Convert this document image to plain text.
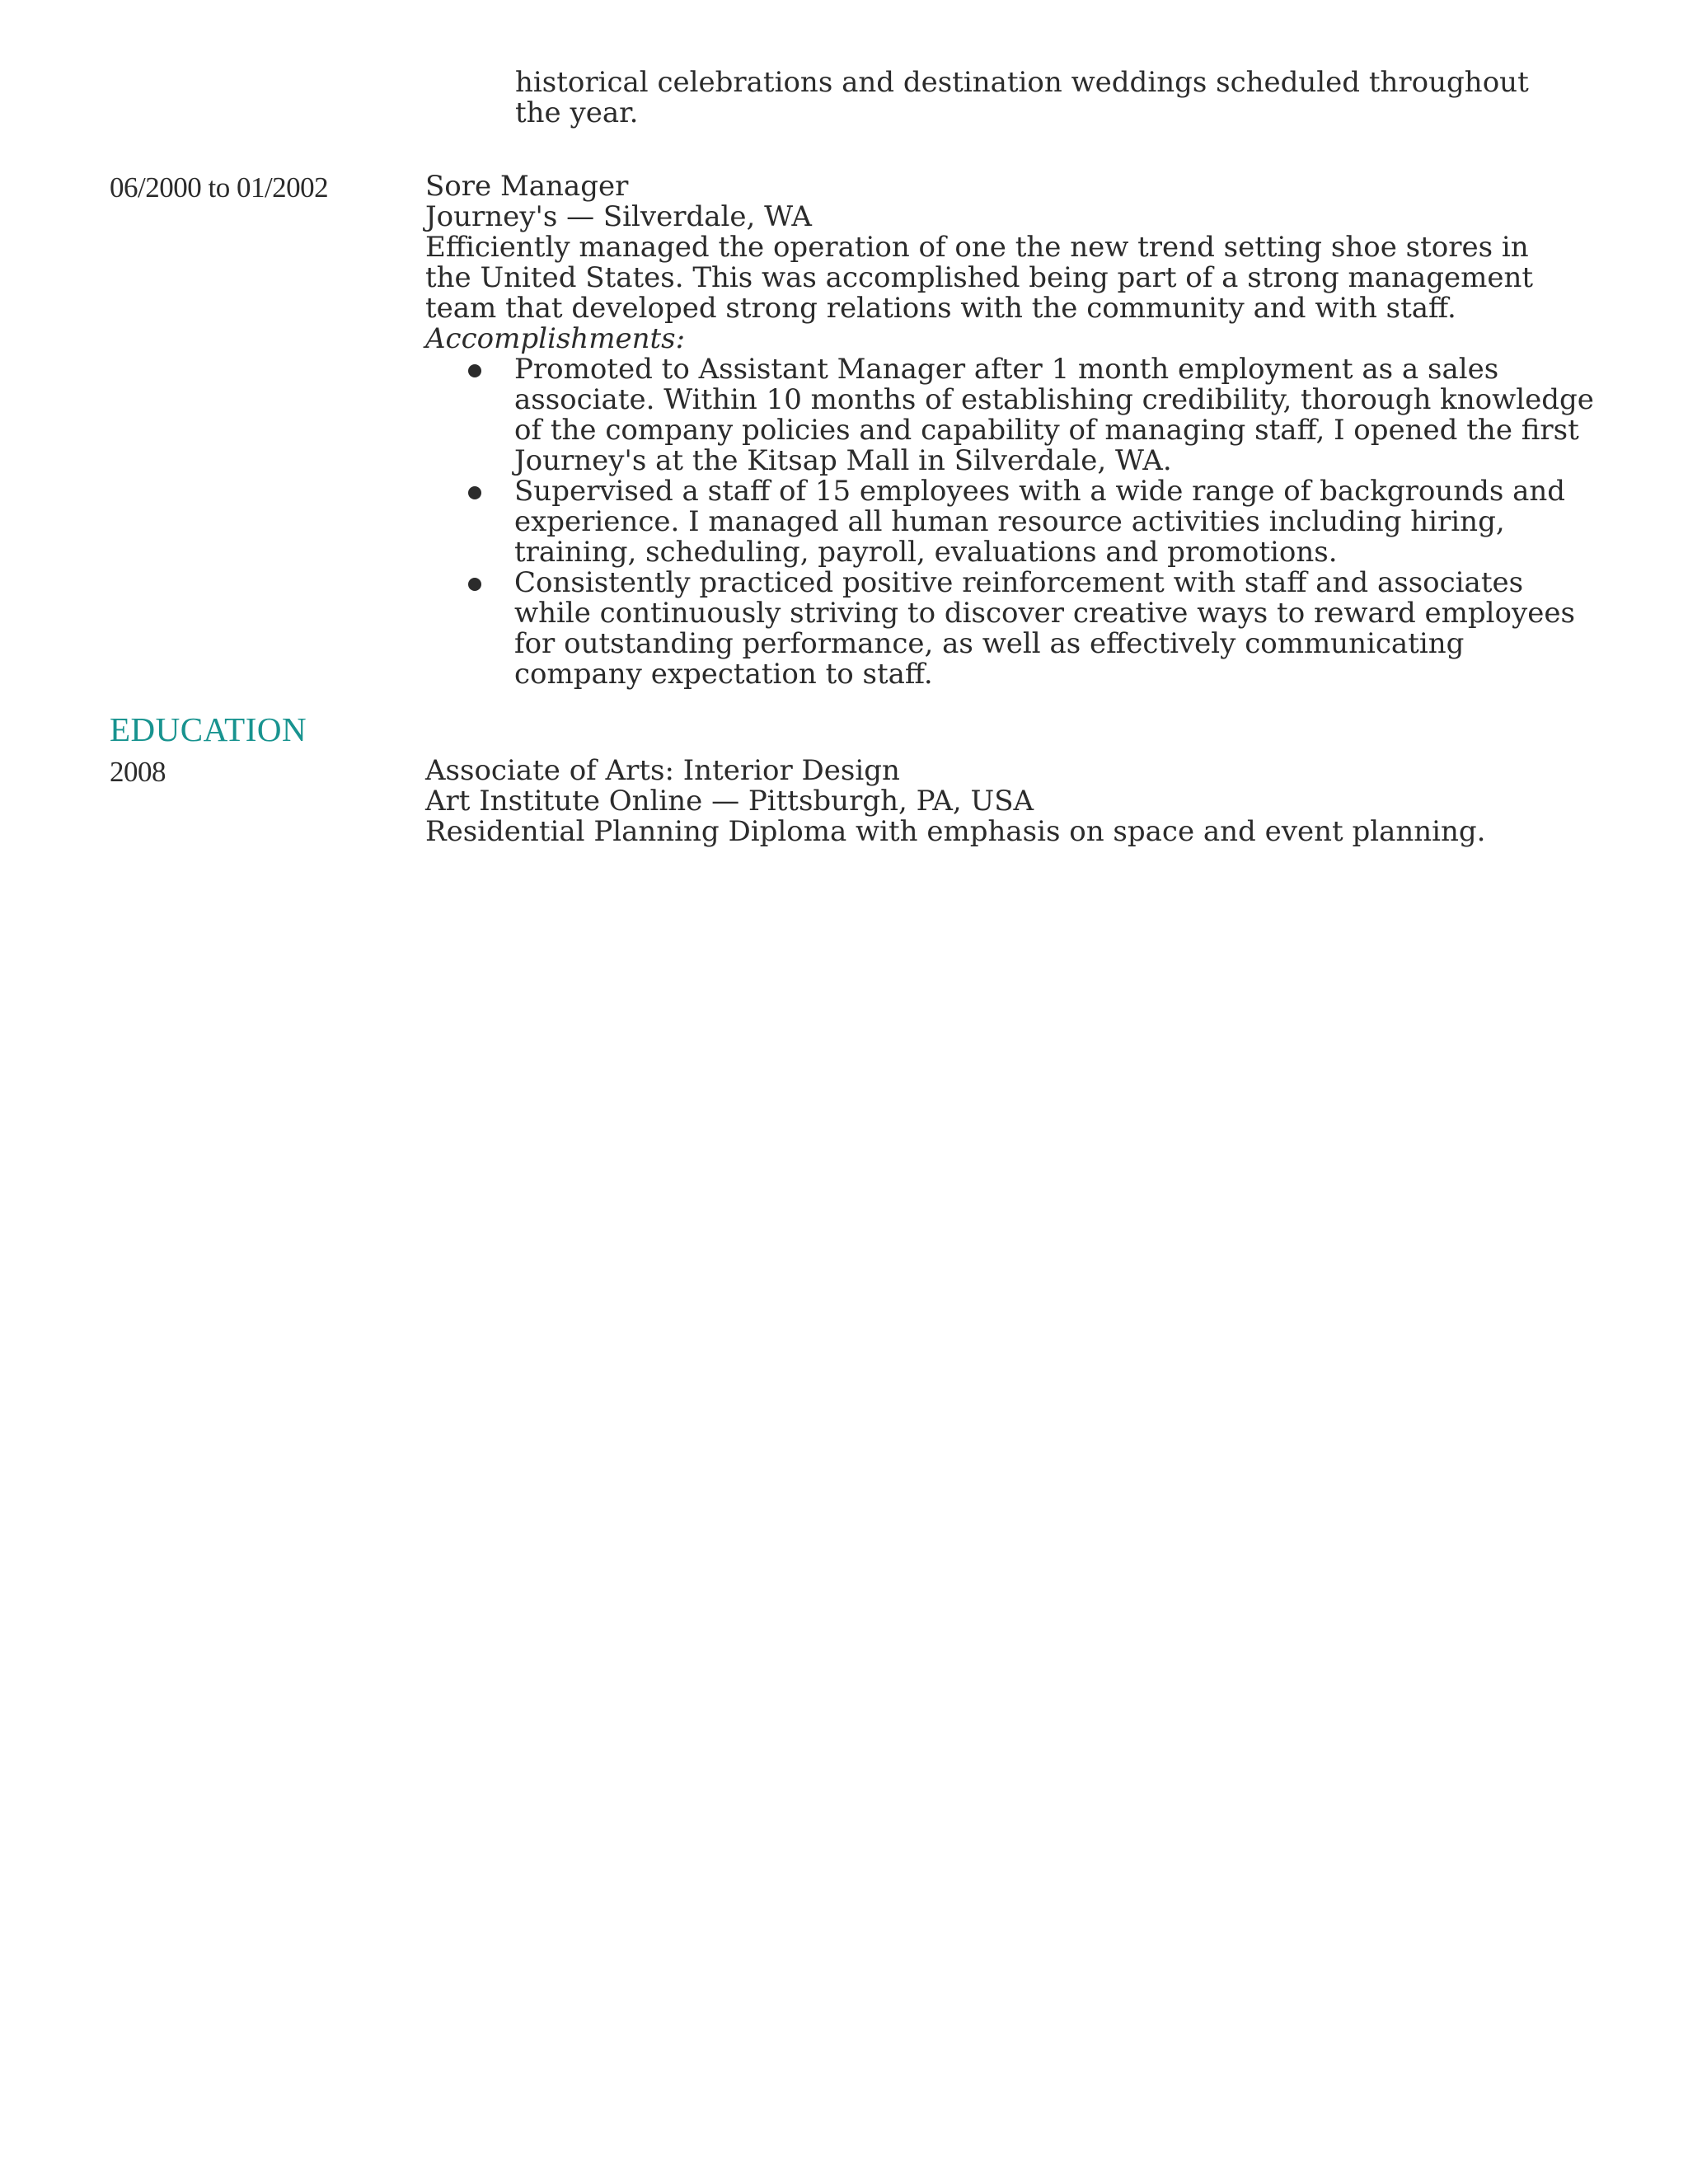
historical celebrations and destination weddings scheduled throughout the year.
06/2000 to 01/2002	Sore Manager
Journey's — Silverdale, WA
Efficiently managed the operation of one the new trend setting shoe stores in the United States. This was accomplished being part of a strong management team that developed strong relations with the community and with staff.
Accomplishments:
Promoted to Assistant Manager after 1 month employment as a sales associate. Within 10 months of establishing credibility, thorough knowledge of the company policies and capability of managing staff, I opened the first Journey's at the Kitsap Mall in Silverdale, WA.
Supervised a staff of 15 employees with a wide range of backgrounds and experience. I managed all human resource activities including hiring, training, scheduling, payroll, evaluations and promotions.
Consistently practiced positive reinforcement with staff and associates while continuously striving to discover creative ways to reward employees for outstanding performance, as well as effectively communicating company expectation to staff.
EDUCATION
2008	Associate of Arts: Interior Design
Art Institute Online — Pittsburgh, PA, USA
Residential Planning Diploma with emphasis on space and event planning.
